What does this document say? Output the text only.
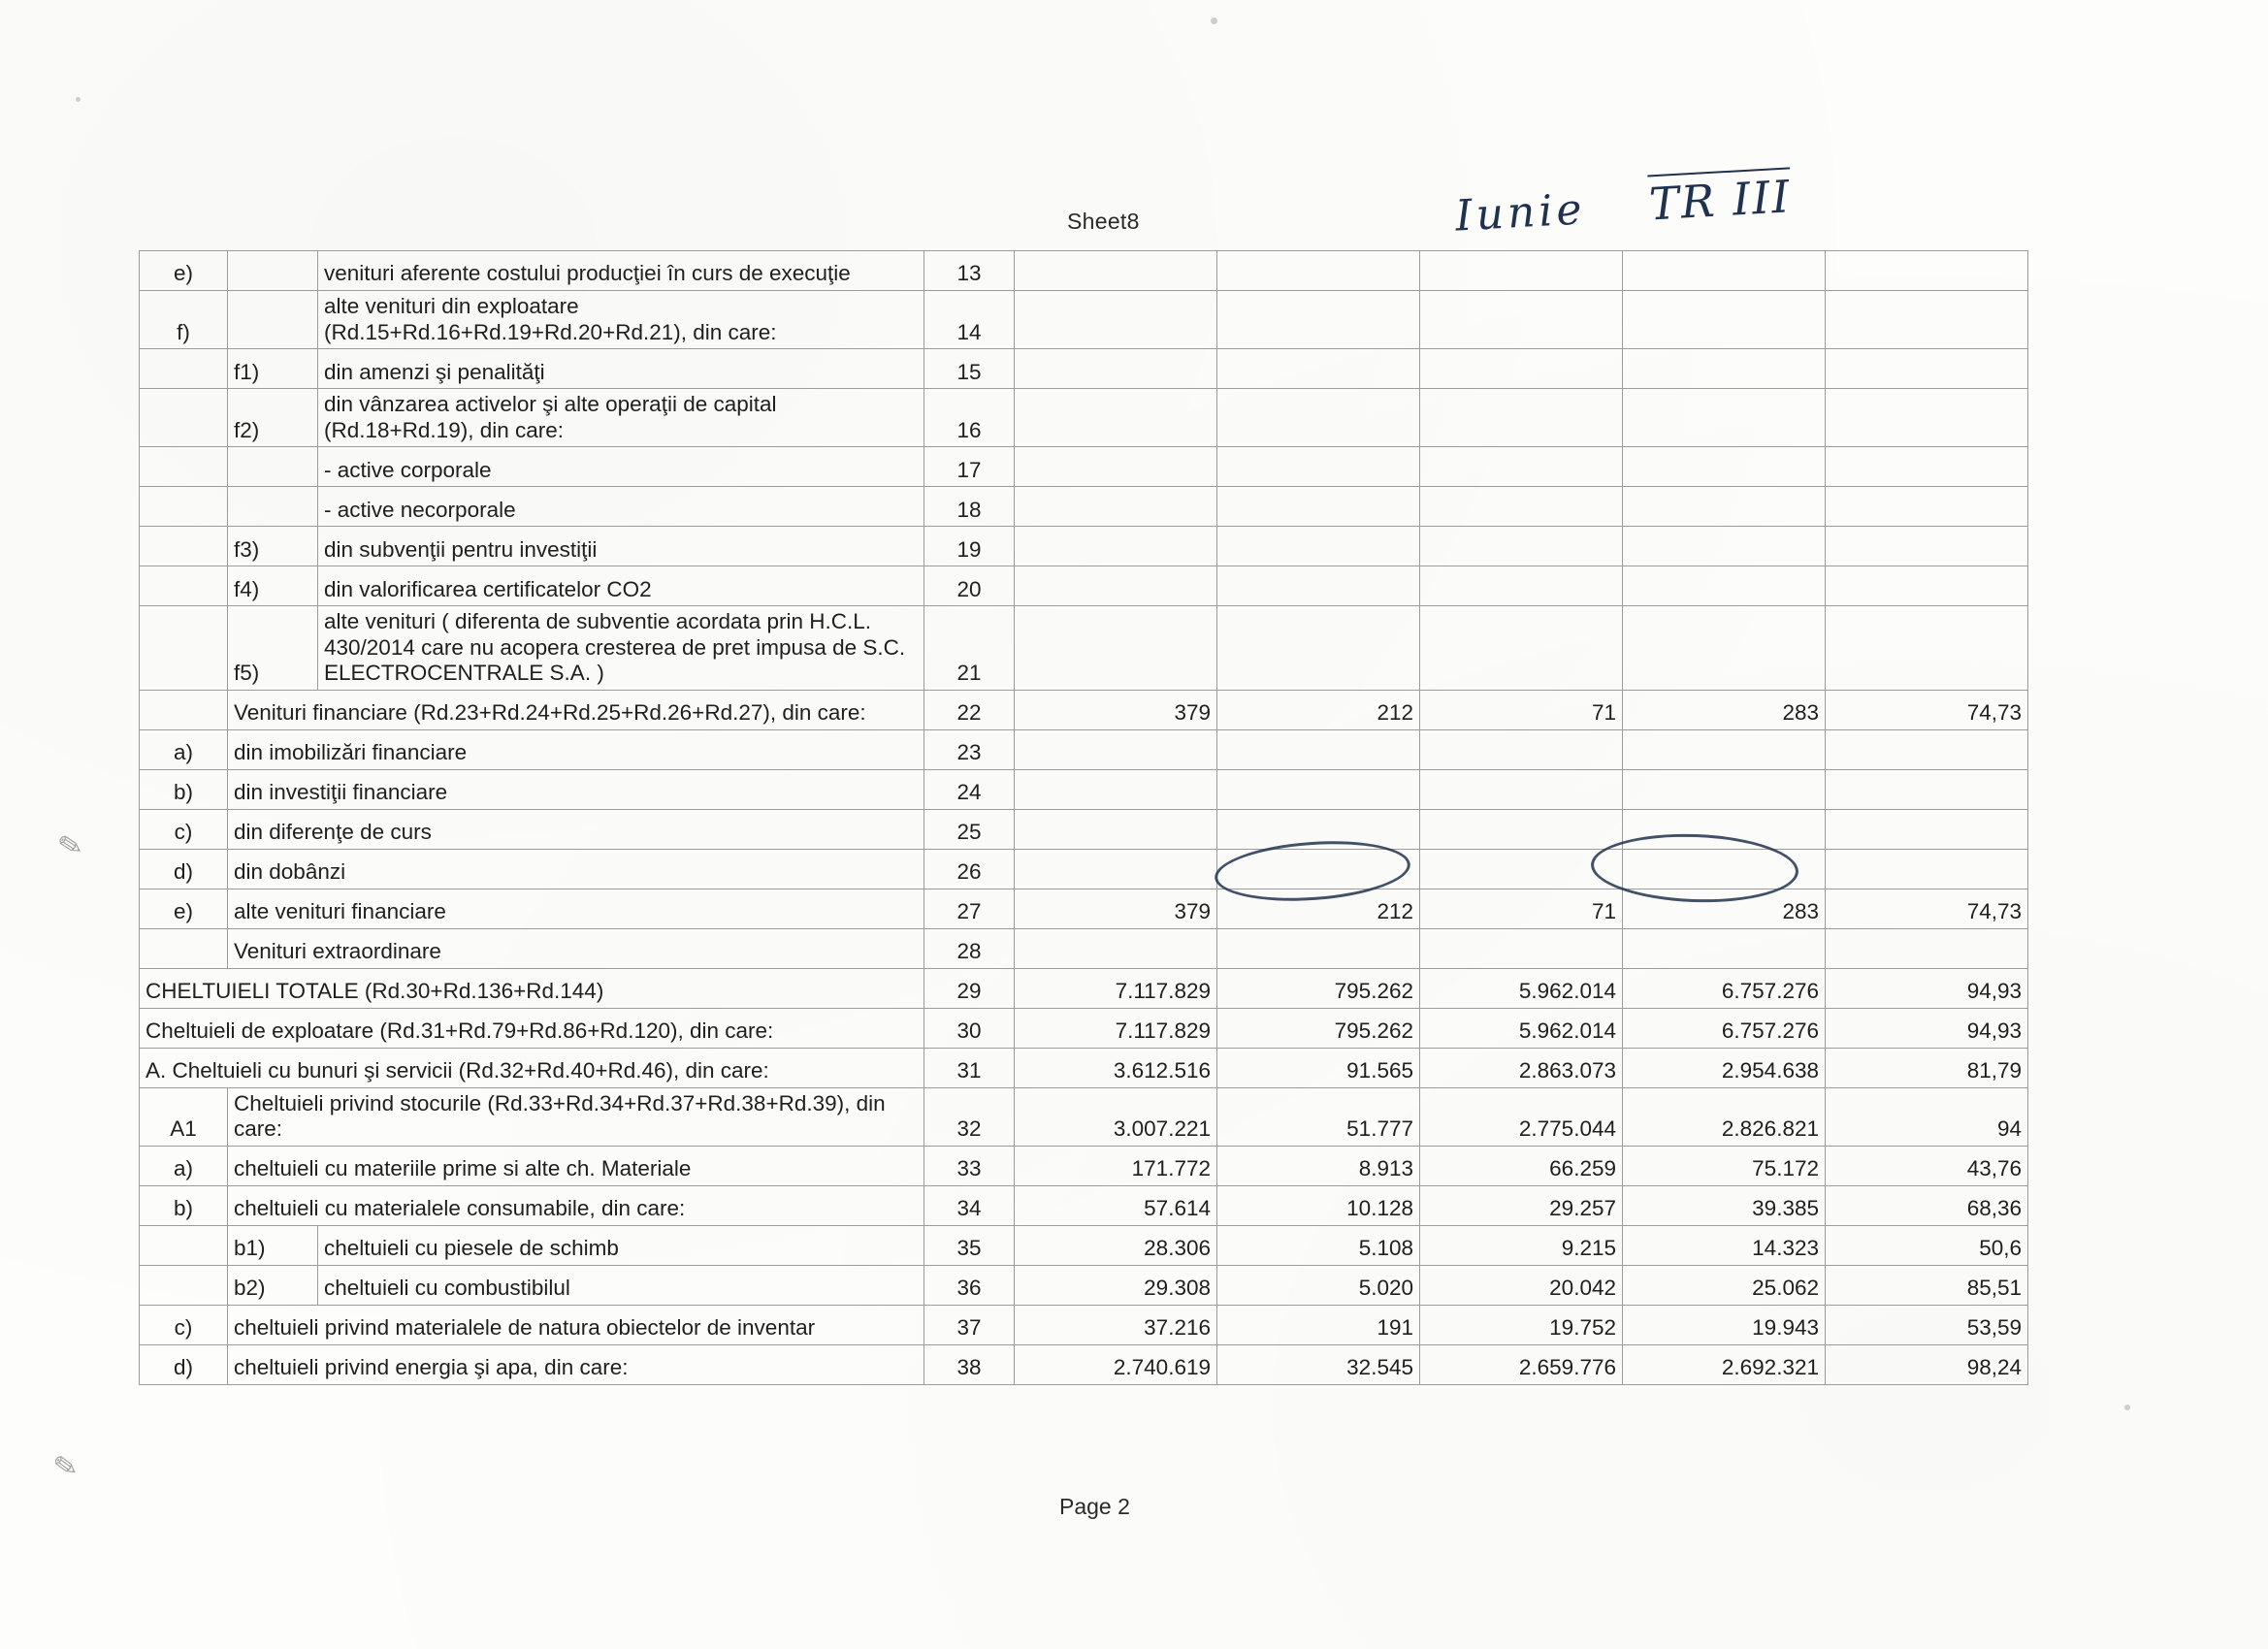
Sheet8	Iunie TR III
e)		venituri aferente costului producţiei în curs de execuţie	13					
f)		alte venituri din exploatare (Rd.15+Rd.16+Rd.19+Rd.20+Rd.21), din care:	14					
	f1)	din amenzi şi penalităţi	15					
	f2)	din vânzarea activelor şi alte operaţii de capital (Rd.18+Rd.19), din care:	16					
		- active corporale	17					
		- active necorporale	18					
	f3)	din subvenţii pentru investiţii	19					
	f4)	din valorificarea certificatelor CO2	20					
	f5)	alte venituri ( diferenta de subventie acordata prin H.C.L. 430/2014 care nu acopera cresterea de pret impusa de S.C. ELECTROCENTRALE S.A. )	21					
	Venituri financiare (Rd.23+Rd.24+Rd.25+Rd.26+Rd.27), din care:		22	379	212	71	283	74,73
a)	din imobilizări financiare		23					
b)	din investiţii financiare		24					
c)	din diferenţe de curs		25					
d)	din dobânzi		26					
e)	alte venituri financiare		27	379	212	71	283	74,73
	Venituri extraordinare		28					
CHELTUIELI TOTALE (Rd.30+Rd.136+Rd.144)			29	7.117.829	795.262	5.962.014	6.757.276	94,93
Cheltuieli de exploatare (Rd.31+Rd.79+Rd.86+Rd.120), din care:			30	7.117.829	795.262	5.962.014	6.757.276	94,93
A. Cheltuieli cu bunuri şi servicii (Rd.32+Rd.40+Rd.46), din care:			31	3.612.516	91.565	2.863.073	2.954.638	81,79
A1	Cheltuieli privind stocurile (Rd.33+Rd.34+Rd.37+Rd.38+Rd.39), din care:		32	3.007.221	51.777	2.775.044	2.826.821	94
a)	cheltuieli cu materiile prime si alte ch. Materiale		33	171.772	8.913	66.259	75.172	43,76
b)	cheltuieli cu materialele consumabile, din care:		34	57.614	10.128	29.257	39.385	68,36
	b1)	cheltuieli cu piesele de schimb	35	28.306	5.108	9.215	14.323	50,6
	b2)	cheltuieli cu combustibilul	36	29.308	5.020	20.042	25.062	85,51
c)	cheltuieli privind materialele de natura obiectelor de inventar		37	37.216	191	19.752	19.943	53,59
d)	cheltuieli privind energia şi apa, din care:		38	2.740.619	32.545	2.659.776	2.692.321	98,24
✎
✎
Page 2
